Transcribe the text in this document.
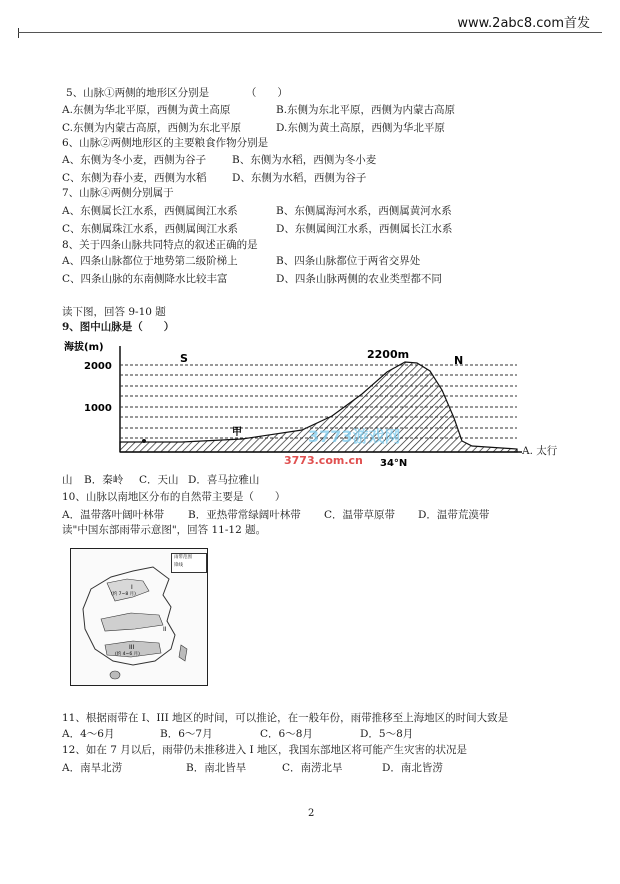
www.2abc8.com首发
5、山脉①两侧的地形区分别是　　　　（　　）
A.东侧为华北平原，西侧为黄土高原	B.东侧为东北平原，西侧为内蒙古高原
C.东侧为内蒙古高原，西侧为东北平原	D.东侧为黄土高原，西侧为华北平原
6、山脉②两侧地形区的主要粮食作物分别是
A、东侧为冬小麦，西侧为谷子 B、东侧为水稻，西侧为冬小麦
C、东侧为春小麦，西侧为水稻 D、东侧为水稻，西侧为谷子
7、山脉④两侧分别属于
A、东侧属长江水系，西侧属闽江水系	B、东侧属海河水系，西侧属黄河水系
C、东侧属珠江水系，西侧属闽江水系	D、东侧属闽江水系，西侧属长江水系
8、关于四条山脉共同特点的叙述正确的是
A、四条山脉都位于地势第二级阶梯上	B、四条山脉都位于两省交界处
C、四条山脉的东南侧降水比较丰富	D、四条山脉两侧的农业类型都不同
读下图，回答 9-10 题
9、图中山脉是（　　）
海拔(m)
2000
1000
S	2200m	N
甲	3773游戏网
3773.com.cn 34°N
A. 太行
山 B．秦岭 C．天山 D．喜马拉雅山
10、山脉以南地区分布的自然带主要是（　　）
A．温带落叶阔叶林带 B．亚热带常绿阔叶林带 C．温带草原带 D．温带荒漠带
读"中国东部雨带示意图"，回答 11-12 题。
雨带范围
锋线
I
(约 7~8 月)
II
III
(约 4~6 月)
11、根据雨带在 I、III 地区的时间，可以推论，在一般年份，雨带推移至上海地区的时间大致是
A．4～6月	B．6～7月	C．6～8月	D．5～8月
12、如在 7 月以后，雨带仍未推移进入 I 地区，我国东部地区将可能产生灾害的状况是
A．南旱北涝	B．南北皆旱	C．南涝北旱	D．南北皆涝
2
